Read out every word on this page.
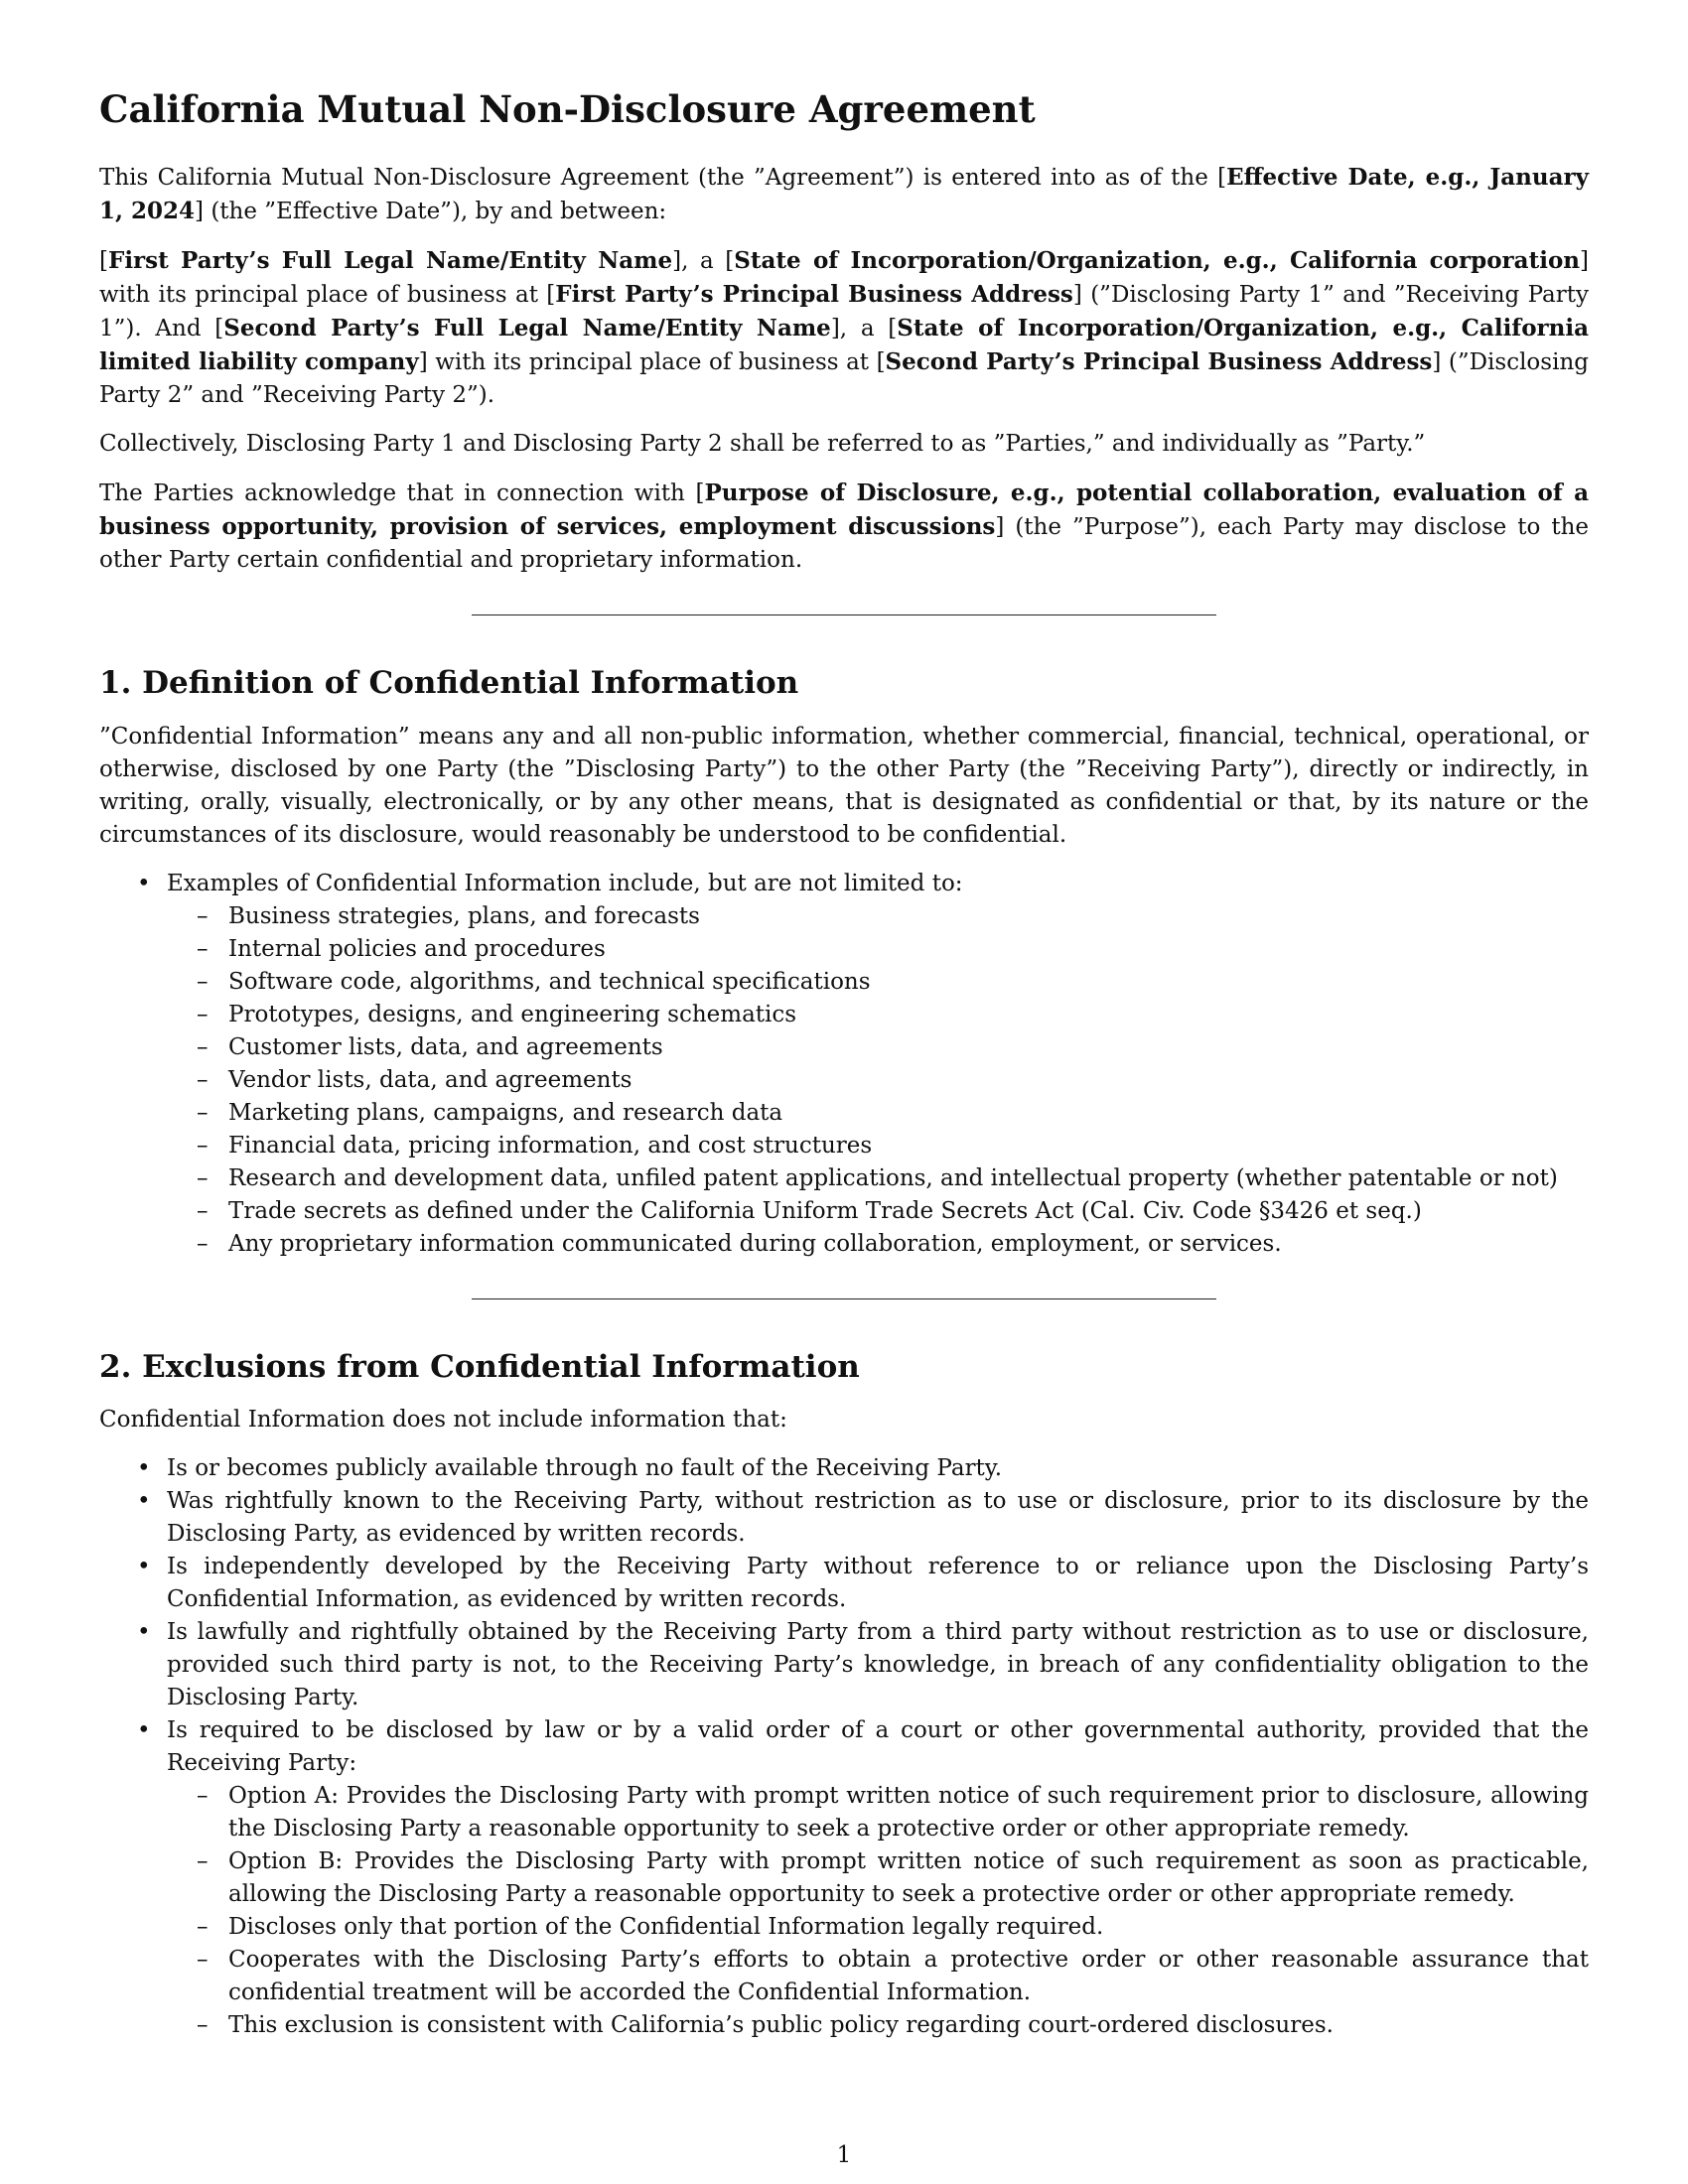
California Mutual Non-Disclosure Agreement

This California Mutual Non-Disclosure Agreement (the ”Agreement”) is entered into as of the [Effective Date, e.g., January 1, 2024] (the ”Effective Date”), by and between:

[First Party’s Full Legal Name/Entity Name], a [State of Incorporation/Organization, e.g., California corporation] with its principal place of business at [First Party’s Principal Business Address] (”Disclosing Party 1” and ”Receiving Party 1”). And [Second Party’s Full Legal Name/Entity Name], a [State of Incorporation/Organization, e.g., California limited liability company] with its principal place of business at [Second Party’s Principal Business Address] (”Disclosing Party 2” and ”Receiving Party 2”).

Collectively, Disclosing Party 1 and Disclosing Party 2 shall be referred to as ”Parties,” and individually as ”Party.”

The Parties acknowledge that in connection with [Purpose of Disclosure, e.g., potential collaboration, evaluation of a business opportunity, provision of services, employment discussions] (the ”Purpose”), each Party may disclose to the other Party certain confidential and proprietary information.

1. Definition of Confidential Information

”Confidential Information” means any and all non-public information, whether commercial, financial, technical, operational, or otherwise, disclosed by one Party (the ”Disclosing Party”) to the other Party (the ”Receiving Party”), directly or indirectly, in writing, orally, visually, electronically, or by any other means, that is designated as confidential or that, by its nature or the circumstances of its disclosure, would reasonably be understood to be confidential.

• Examples of Confidential Information include, but are not limited to:
– Business strategies, plans, and forecasts
– Internal policies and procedures
– Software code, algorithms, and technical specifications
– Prototypes, designs, and engineering schematics
– Customer lists, data, and agreements
– Vendor lists, data, and agreements
– Marketing plans, campaigns, and research data
– Financial data, pricing information, and cost structures
– Research and development data, unfiled patent applications, and intellectual property (whether patentable or not)
– Trade secrets as defined under the California Uniform Trade Secrets Act (Cal. Civ. Code §3426 et seq.)
– Any proprietary information communicated during collaboration, employment, or services.
2. Exclusions from Confidential Information

Confidential Information does not include information that:

• Is or becomes publicly available through no fault of the Receiving Party.
• Was rightfully known to the Receiving Party, without restriction as to use or disclosure, prior to its disclosure by the Disclosing Party, as evidenced by written records.
• Is independently developed by the Receiving Party without reference to or reliance upon the Disclosing Party’s Confidential Information, as evidenced by written records.
• Is lawfully and rightfully obtained by the Receiving Party from a third party without restriction as to use or disclosure, provided such third party is not, to the Receiving Party’s knowledge, in breach of any confidentiality obligation to the Disclosing Party.
• Is required to be disclosed by law or by a valid order of a court or other governmental authority, provided that the Receiving Party:
– Option A: Provides the Disclosing Party with prompt written notice of such requirement prior to disclosure, allowing the Disclosing Party a reasonable opportunity to seek a protective order or other appropriate remedy.
– Option B: Provides the Disclosing Party with prompt written notice of such requirement as soon as practicable, allowing the Disclosing Party a reasonable opportunity to seek a protective order or other appropriate remedy.
– Discloses only that portion of the Confidential Information legally required.
– Cooperates with the Disclosing Party’s efforts to obtain a protective order or other reasonable assurance that confidential treatment will be accorded the Confidential Information.
– This exclusion is consistent with California’s public policy regarding court-ordered disclosures.
1
